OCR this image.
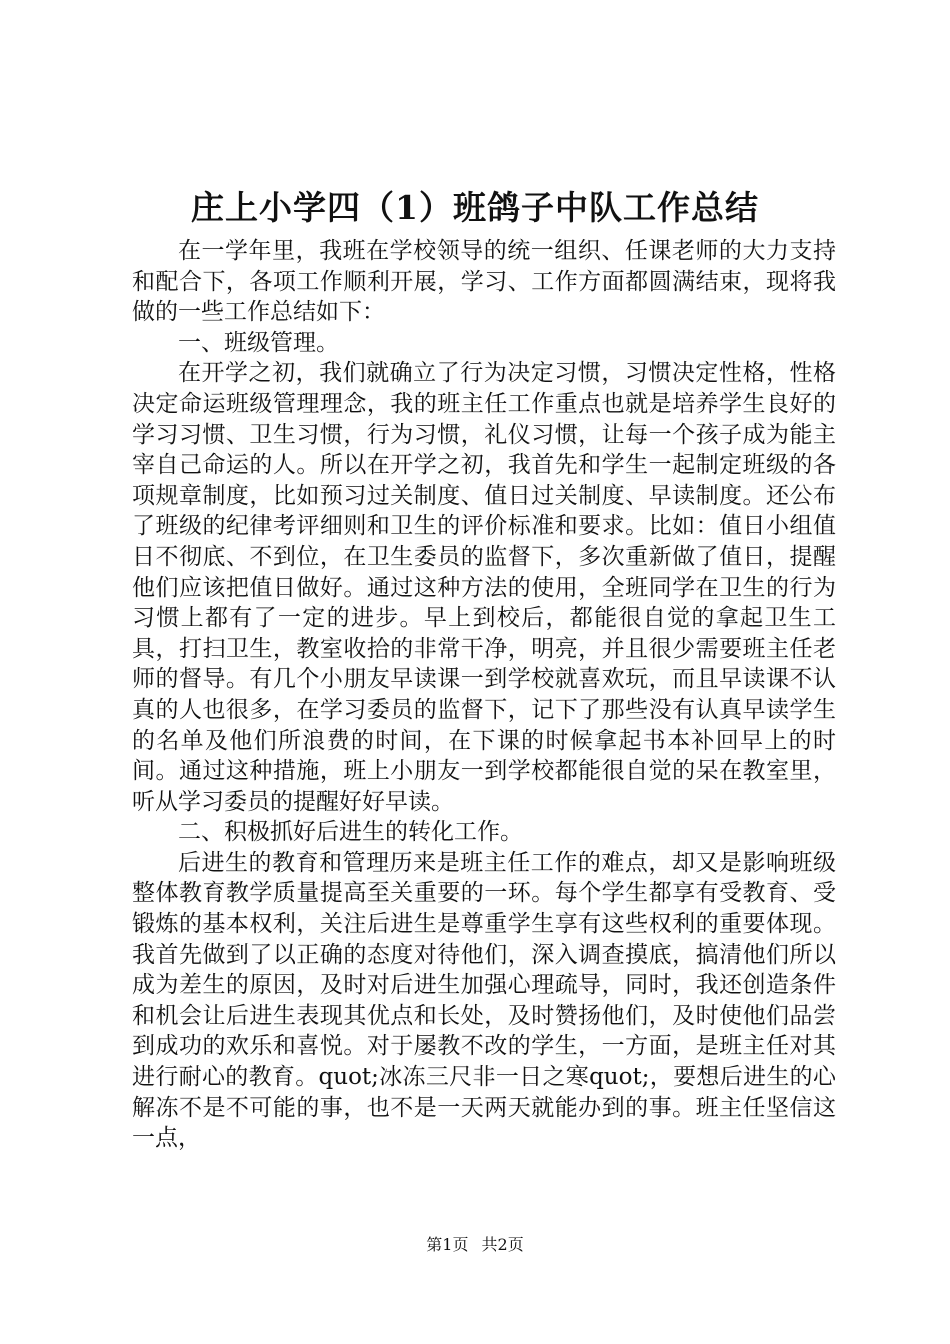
庄上小学四（1）班鸽子中队工作总结

在一学年里，我班在学校领导的统一组织、任课老师的大力支持和配合下，各项工作顺利开展，学习、工作方面都圆满结束，现将我做的一些工作总结如下：

一、班级管理。

在开学之初，我们就确立了行为决定习惯，习惯决定性格，性格决定命运班级管理理念，我的班主任工作重点也就是培养学生良好的学习习惯、卫生习惯，行为习惯，礼仪习惯，让每一个孩子成为能主宰自己命运的人。所以在开学之初，我首先和学生一起制定班级的各项规章制度，比如预习过关制度、值日过关制度、早读制度。还公布了班级的纪律考评细则和卫生的评价标准和要求。比如：值日小组值日不彻底、不到位，在卫生委员的监督下，多次重新做了值日，提醒他们应该把值日做好。通过这种方法的使用，全班同学在卫生的行为习惯上都有了一定的进步。早上到校后，都能很自觉的拿起卫生工具，打扫卫生，教室收拾的非常干净，明亮，并且很少需要班主任老师的督导。有几个小朋友早读课一到学校就喜欢玩，而且早读课不认真的人也很多，在学习委员的监督下，记下了那些没有认真早读学生的名单及他们所浪费的时间，在下课的时候拿起书本补回早上的时间。通过这种措施，班上小朋友一到学校都能很自觉的呆在教室里，听从学习委员的提醒好好早读。

二、积极抓好后进生的转化工作。

后进生的教育和管理历来是班主任工作的难点，却又是影响班级整体教育教学质量提高至关重要的一环。每个学生都享有受教育、受锻炼的基本权利，关注后进生是尊重学生享有这些权利的重要体现。我首先做到了以正确的态度对待他们，深入调查摸底，搞清他们所以成为差生的原因，及时对后进生加强心理疏导，同时，我还创造条件和机会让后进生表现其优点和长处，及时赞扬他们，及时使他们品尝到成功的欢乐和喜悦。对于屡教不改的学生，一方面，是班主任对其进行耐心的教育。quot;冰冻三尺非一日之寒quot;，要想后进生的心解冻不是不可能的事，也不是一天两天就能办到的事。班主任坚信这一点，

第1页 共2页
